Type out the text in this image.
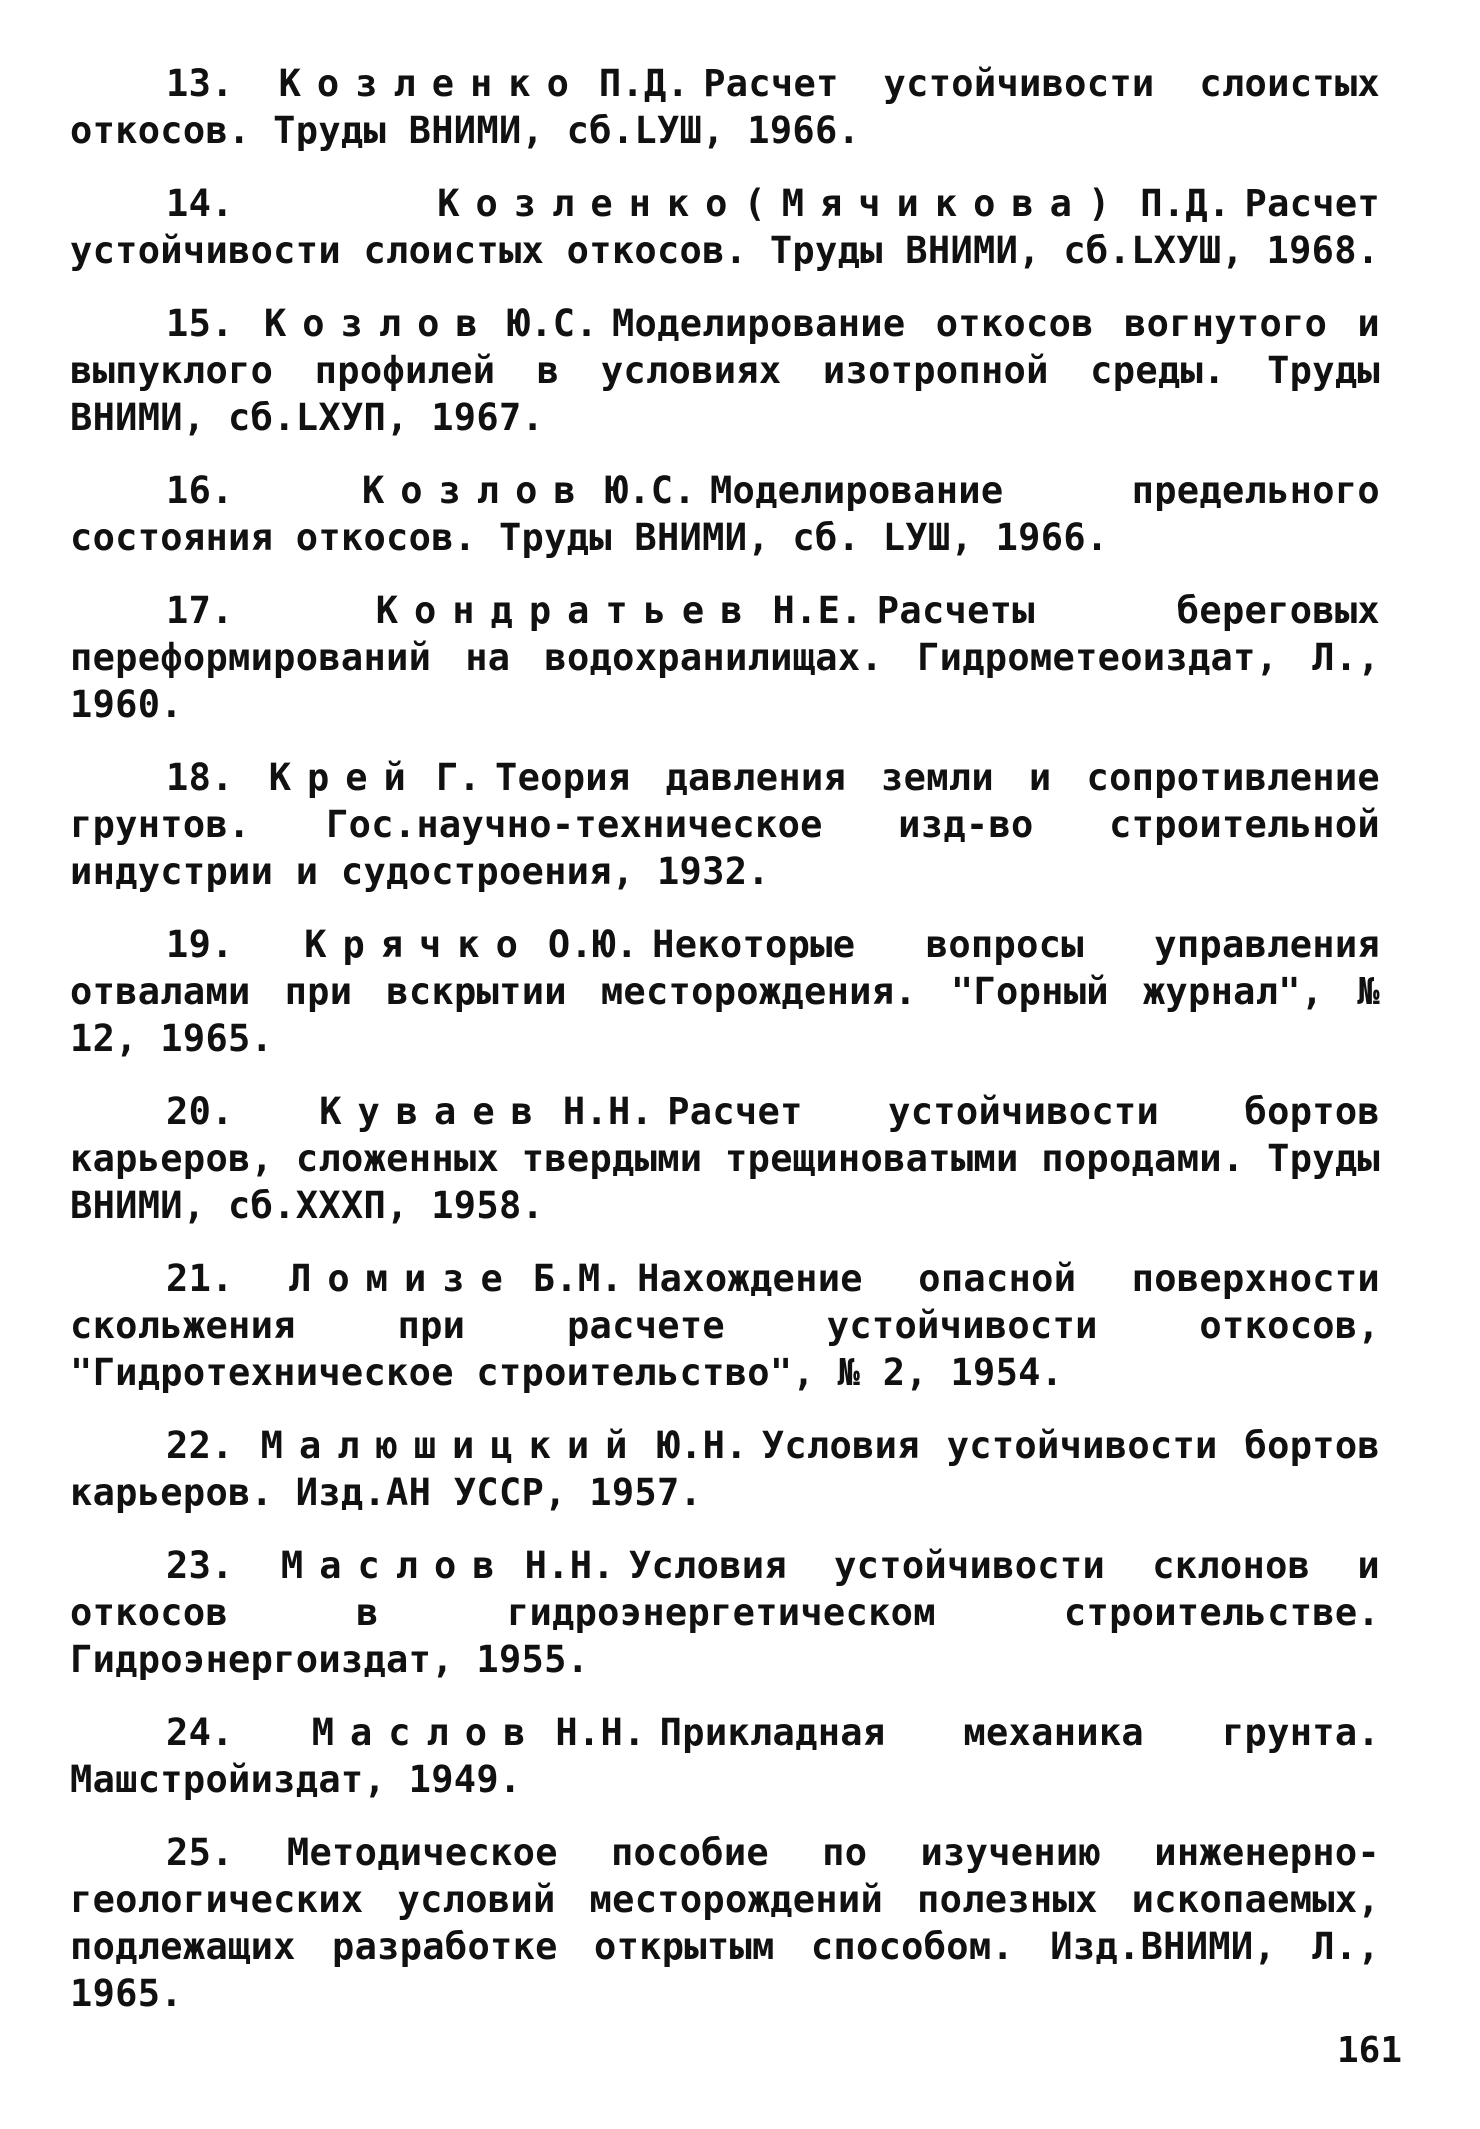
13. Козленко П.Д. Расчет устойчивости слоистых откосов. Труды ВНИМИ, сб.LУШ, 1966.

14.	Козленко(Мячикова) П.Д. Расчет устойчивости слоистых откосов. Труды ВНИМИ, сб.LХУШ, 1968.

15. Козлов Ю.С. Моделирование откосов вогнутого и выпуклого профилей в условиях изотропной среды. Труды ВНИМИ, сб.LХУП, 1967.

16.	Козлов Ю.С. Моделирование предельного состояния откосов. Труды ВНИМИ, сб. LУШ, 1966.

17.	Кондратьев Н.Е. Расчеты береговых переформирований на водохранилищах. Гидрометеоиздат, Л., 1960.

18. Крей Г. Теория давления земли и сопротивление грунтов. Гос.научно-техническое изд-во строительной индустрии и судостроения, 1932.

19. Крячко О.Ю. Некоторые вопросы управления отвалами при вскрытии месторождения. "Горный журнал", № 12, 1965.

20. Куваев Н.Н. Расчет устойчивости бортов карьеров, сложенных твердыми трещиноватыми породами. Труды ВНИМИ, сб.XXXП, 1958.

21. Ломизе Б.М. Нахождение опасной поверхности скольжения при расчете устойчивости откосов, "Гидротехническое строительство", № 2, 1954.

22. Малюшицкий Ю.Н. Условия устойчивости бортов карьеров. Изд.АН УССР, 1957.

23. Маслов Н.Н. Условия устойчивости склонов и откосов в гидроэнергетическом строительстве. Гидроэнергоиздат, 1955.

24. Маслов Н.Н. Прикладная механика грунта. Машстройиздат, 1949.

25. Методическое пособие по изучению инженерно-геологических условий месторождений полезных ископаемых, подлежащих разработке открытым способом. Изд.ВНИМИ, Л., 1965.

161
